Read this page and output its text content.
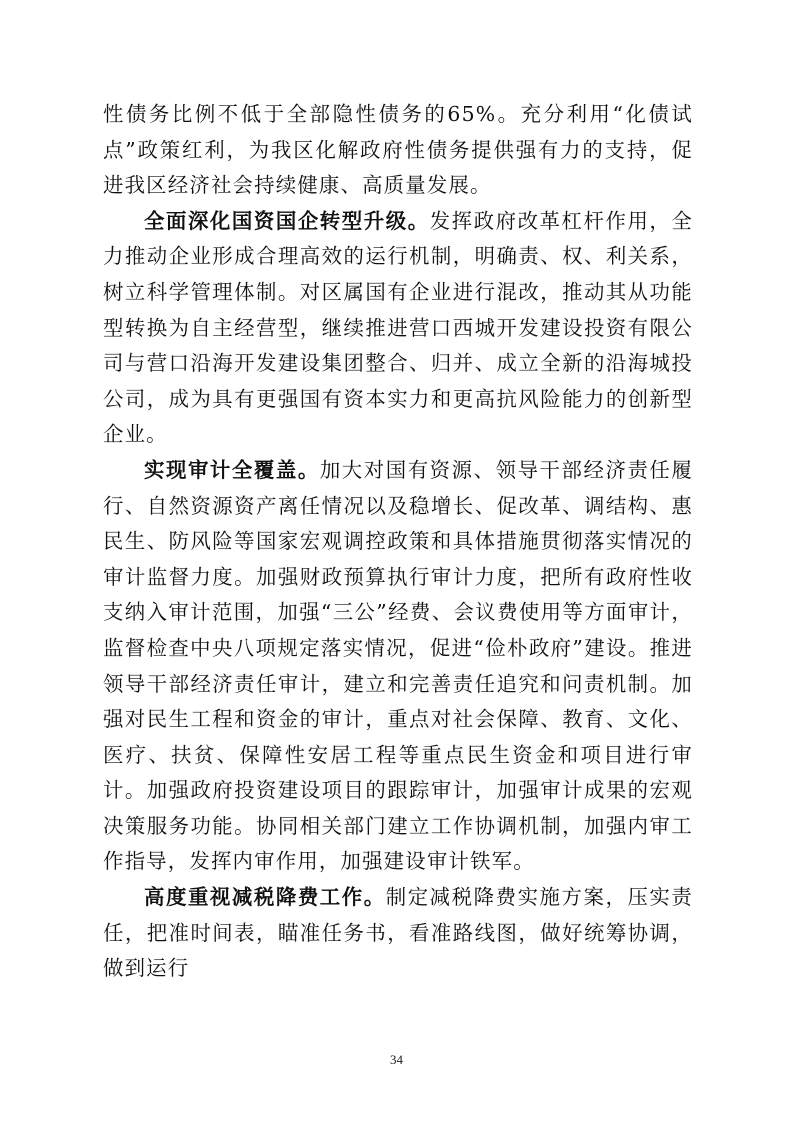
性债务比例不低于全部隐性债务的65%。充分利用“化债试点”政策红利，为我区化解政府性债务提供强有力的支持，促进我区经济社会持续健康、高质量发展。

全面深化国资国企转型升级。发挥政府改革杠杆作用，全力推动企业形成合理高效的运行机制，明确责、权、利关系，树立科学管理体制。对区属国有企业进行混改，推动其从功能型转换为自主经营型，继续推进营口西城开发建设投资有限公司与营口沿海开发建设集团整合、归并、成立全新的沿海城投公司，成为具有更强国有资本实力和更高抗风险能力的创新型企业。

实现审计全覆盖。加大对国有资源、领导干部经济责任履行、自然资源资产离任情况以及稳增长、促改革、调结构、惠民生、防风险等国家宏观调控政策和具体措施贯彻落实情况的审计监督力度。加强财政预算执行审计力度，把所有政府性收支纳入审计范围，加强“三公”经费、会议费使用等方面审计，监督检查中央八项规定落实情况，促进“俭朴政府”建设。推进领导干部经济责任审计，建立和完善责任追究和问责机制。加强对民生工程和资金的审计，重点对社会保障、教育、文化、医疗、扶贫、保障性安居工程等重点民生资金和项目进行审计。加强政府投资建设项目的跟踪审计，加强审计成果的宏观决策服务功能。协同相关部门建立工作协调机制，加强内审工作指导，发挥内审作用，加强建设审计铁军。

高度重视减税降费工作。制定减税降费实施方案，压实责任，把准时间表，瞄准任务书，看准路线图，做好统筹协调，做到运行

34
